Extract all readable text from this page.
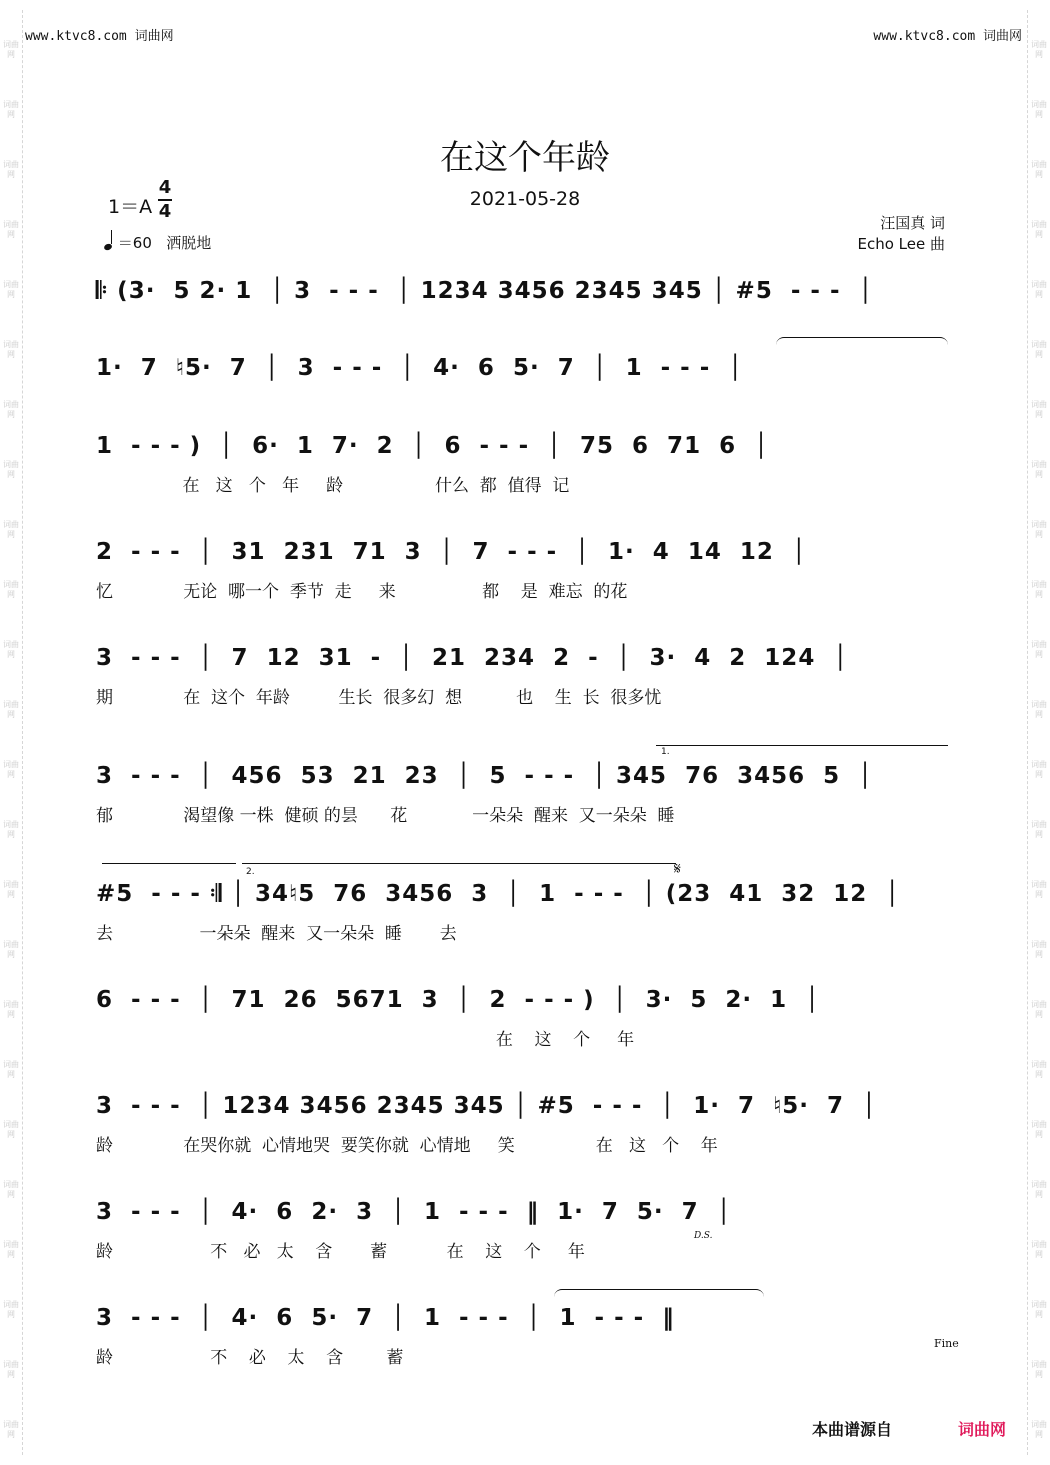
词曲网
词曲网
词曲网
词曲网
词曲网
词曲网
词曲网
词曲网
词曲网
词曲网
词曲网
词曲网
词曲网
词曲网
词曲网
词曲网
词曲网
词曲网
词曲网
词曲网
词曲网
词曲网
词曲网
词曲网
词曲网
词曲网
词曲网
词曲网
词曲网
词曲网
词曲网
词曲网
词曲网
词曲网
词曲网
词曲网
词曲网
词曲网
词曲网
词曲网
词曲网
词曲网
词曲网
词曲网
词曲网
词曲网
词曲网
词曲网
www.ktvc8.com 词曲网	www.ktvc8.com 词曲网
在这个年龄
2021-05-28
1＝A
4
4
＝60 洒脱地
汪国真 词
Echo Lee 曲
𝄆 (3·  5 2· 1  │ 3  - - -  │ 1234 3456 2345 345 │ #5  - - -  │
1·  7  ♮5·  7  │  3  - - -  │  4·  6  5·  7  │  1  - - -  │
1  - - - )  │  6·  1  7·  2  │  6  - - -  │  75  6  71  6  │
在   这   个   年     龄                 什么  都  值得  记
2  - - -  │  31  231  71  3  │  7  - - -  │  1·  4  14  12  │
忆             无论  哪一个  季节  走     来                都    是  难忘  的花
3  - - -  │  7  12  31  -  │  21  234  2  -  │  3·  4  2  124  │
期             在  这个  年龄         生长  很多幻  想          也    生  长  很多忧
1.
3  - - -  │  456  53  21  23  │  5  - - -  │ 345  76  3456  5  │
郁             渴望像 一株  健硕 的昙      花            一朵朵  醒来  又一朵朵  睡
2.	𝄋
#5  - - - 𝄇 │ 34♮5  76  3456  3  │  1  - - -  │ (23  41  32  12  │
去                一朵朵  醒来  又一朵朵  睡       去
6  - - -  │  71  26  5671  3  │  2  - - - )  │  3·  5  2·  1  │
在    这    个     年
3  - - -  │ 1234 3456 2345 345 │ #5  - - -  │  1·  7  ♮5·  7  │
龄             在哭你就  心情地哭  要笑你就  心情地     笑               在   这   个    年
D.S.
3  - - -  │  4·  6  2·  3  │  1  - - -  ‖  1·  7  5·  7  │
龄                  不   必   太    含       蓄           在    这    个     年
Fine
3  - - -  │  4·  6  5·  7  │  1  - - -  │  1  - - -  ‖
龄                  不    必    太    含        蓄
本曲谱源自	词曲网
